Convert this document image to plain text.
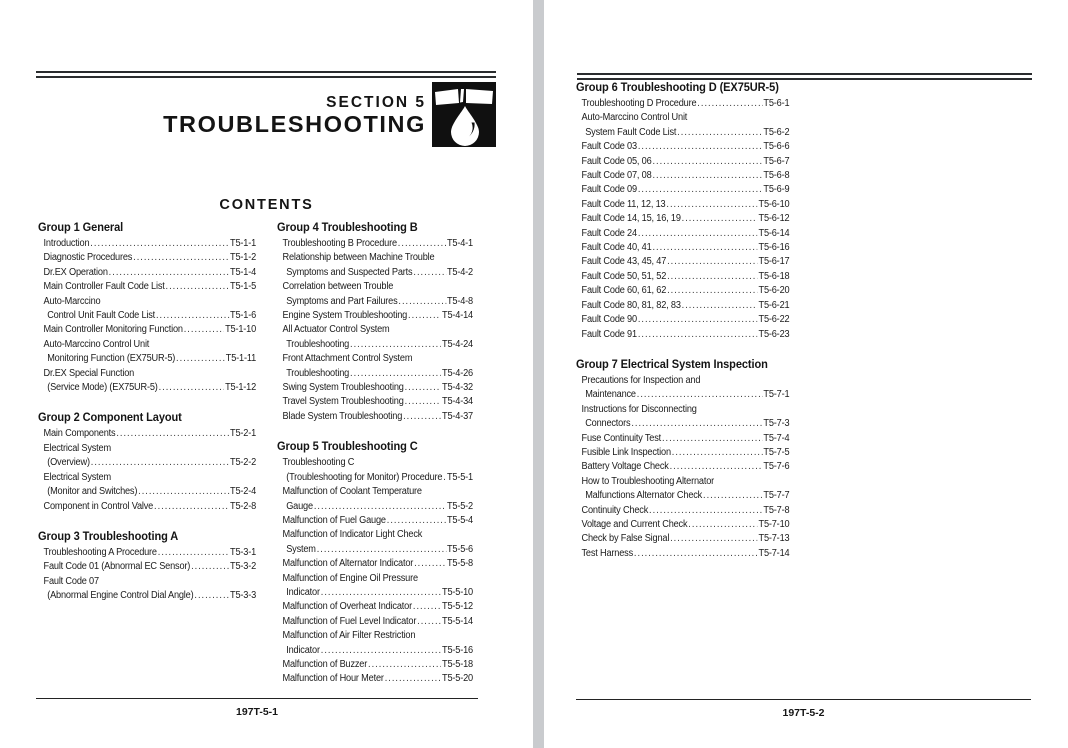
SECTION 5
TROUBLESHOOTING
CONTENTS
Group 1 General
Introduction .....	T5-1-1
Diagnostic Procedures .....	T5-1-2
Dr.EX Operation .....	T5-1-4
Main Controller Fault Code List .....	T5-1-5
Auto-Marccino
Control Unit Fault Code List .....	T5-1-6
Main Controller Monitoring Function .....	T5-1-10
Auto-Marccino Control Unit
Monitoring Function (EX75UR-5) .....	T5-1-11
Dr.EX Special Function
(Service Mode) (EX75UR-5) .....	T5-1-12
Group 2 Component Layout
Main Components .....	T5-2-1
Electrical System
(Overview) .....	T5-2-2
Electrical System
(Monitor and Switches) .....	T5-2-4
Component in Control Valve .....	T5-2-8
Group 3 Troubleshooting A
Troubleshooting A Procedure .....	T5-3-1
Fault Code 01 (Abnormal EC Sensor) .....	T5-3-2
Fault Code 07
(Abnormal Engine Control Dial Angle) .....	T5-3-3
Group 4 Troubleshooting B
Troubleshooting B Procedure .....	T5-4-1
Relationship between Machine Trouble
Symptoms and Suspected Parts .....	T5-4-2
Correlation between Trouble
Symptoms and Part Failures .....	T5-4-8
Engine System Troubleshooting .....	T5-4-14
All Actuator Control System
Troubleshooting .....	T5-4-24
Front Attachment Control System
Troubleshooting .....	T5-4-26
Swing System Troubleshooting .....	T5-4-32
Travel System Troubleshooting .....	T5-4-34
Blade System Troubleshooting .....	T5-4-37
Group 5 Troubleshooting C
Troubleshooting C
(Troubleshooting for Monitor) Procedure ..... T5-5-1
Malfunction of Coolant Temperature
Gauge .....	T5-5-2
Malfunction of Fuel Gauge .....	T5-5-4
Malfunction of Indicator Light Check
System .....	T5-5-6
Malfunction of Alternator Indicator .....	T5-5-8
Malfunction of Engine Oil Pressure
Indicator .....	T5-5-10
Malfunction of Overheat Indicator .....	T5-5-12
Malfunction of Fuel Level Indicator .....	T5-5-14
Malfunction of Air Filter Restriction
Indicator .....	T5-5-16
Malfunction of Buzzer .....	T5-5-18
Malfunction of Hour Meter .....	T5-5-20
197T-5-1
Group 6 Troubleshooting D (EX75UR-5)
Troubleshooting D Procedure .....	T5-6-1
Auto-Marccino Control Unit
System Fault Code List .....	T5-6-2
Fault Code 03 .....	T5-6-6
Fault Code 05, 06 .....	T5-6-7
Fault Code 07, 08 .....	T5-6-8
Fault Code 09 .....	T5-6-9
Fault Code 11, 12, 13 .....	T5-6-10
Fault Code 14, 15, 16, 19 .....	T5-6-12
Fault Code 24 .....	T5-6-14
Fault Code 40, 41 .....	T5-6-16
Fault Code 43, 45, 47 .....	T5-6-17
Fault Code 50, 51, 52 .....	T5-6-18
Fault Code 60, 61, 62 .....	T5-6-20
Fault Code 80, 81, 82, 83 .....	T5-6-21
Fault Code 90 .....	T5-6-22
Fault Code 91 .....	T5-6-23
Group 7 Electrical System Inspection
Precautions for Inspection and
Maintenance .....	T5-7-1
Instructions for Disconnecting
Connectors .....	T5-7-3
Fuse Continuity Test .....	T5-7-4
Fusible Link Inspection .....	T5-7-5
Battery Voltage Check .....	T5-7-6
How to Troubleshooting Alternator
Malfunctions Alternator Check .....	T5-7-7
Continuity Check .....	T5-7-8
Voltage and Current Check .....	T5-7-10
Check by False Signal .....	T5-7-13
Test Harness .....	T5-7-14
197T-5-2
